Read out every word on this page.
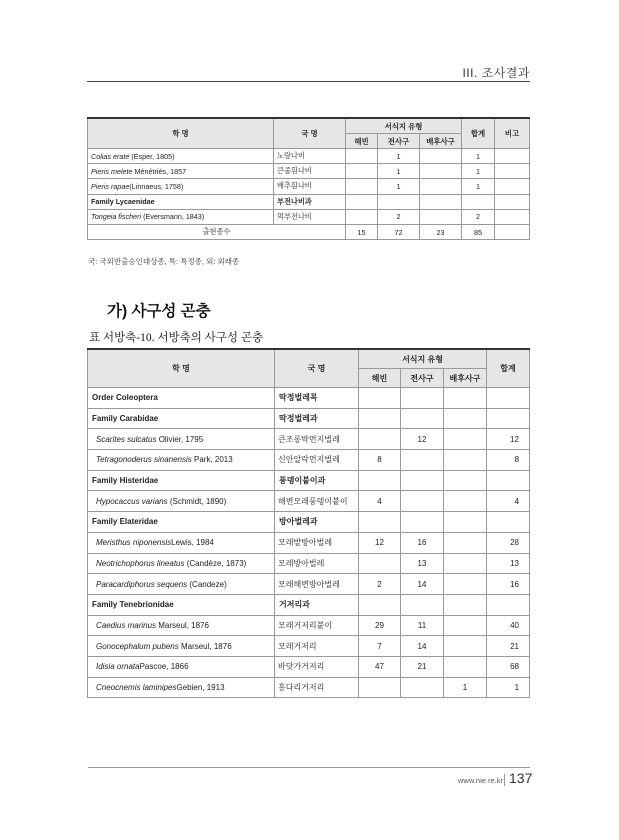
III. 조사결과
학 명	국 명	서식지 유형			합계	비고
		해빈	전사구	배후사구		
Colias erate (Esper, 1805)	노랑나비		1		1	
Pieris melete Ménétriès, 1857	큰줄흰나비		1		1	
Pieris rapae(Linnaeus, 1758)	배추흰나비		1		1	
Family Lycaenidae	부전나비과					
Tongeia fischeri (Eversmann, 1843)	먹부전나비		2		2	
출현종수		15	72	23	85	
국: 국외반출승인대상종, 특: 특정종, 외: 외래종
가) 사구성 곤충
표 서방축-10. 서방축의 사구성 곤충
학 명	국 명	서식지 유형			합계
		해빈	전사구	배후사구	
Order Coleoptera	딱정벌레목				
Family Carabidae	딱정벌레과				
Scarites sulcatus Olivier, 1795	큰조롱박먼지벌레		12		12
Tetragonoderus sinanensis Park, 2013	신안알락먼지벌레	8			8
Family Histeridae	풍뎅이붙이과				
Hypocaccus varians (Schmidt, 1890)	해변모래풍뎅이붙이	4			4
Family Elateridae	방아벌레과				
Meristhus niponensisLewis, 1984	모래밭방아벌레	12	16		28
Neotrichophorus lineatus (Candèze, 1873)	모래방아벌레		13		13
Paracardiphorus sequens (Candeze)	모래해변방아벌레	2	14		16
Family Tenebrionidae	거저리과				
Caedius marinus Marseul, 1876	모래거저리붙이	29	11		40
Gonocephalum pubens Marseul, 1876	모래거저리	7	14		21
Idisia ornataPascoe, 1866	바닷가거저리	47	21		68
Cneocnemis laminipesGebien, 1913	홍다리거저리			1	1
www.nie.re.kr 137
